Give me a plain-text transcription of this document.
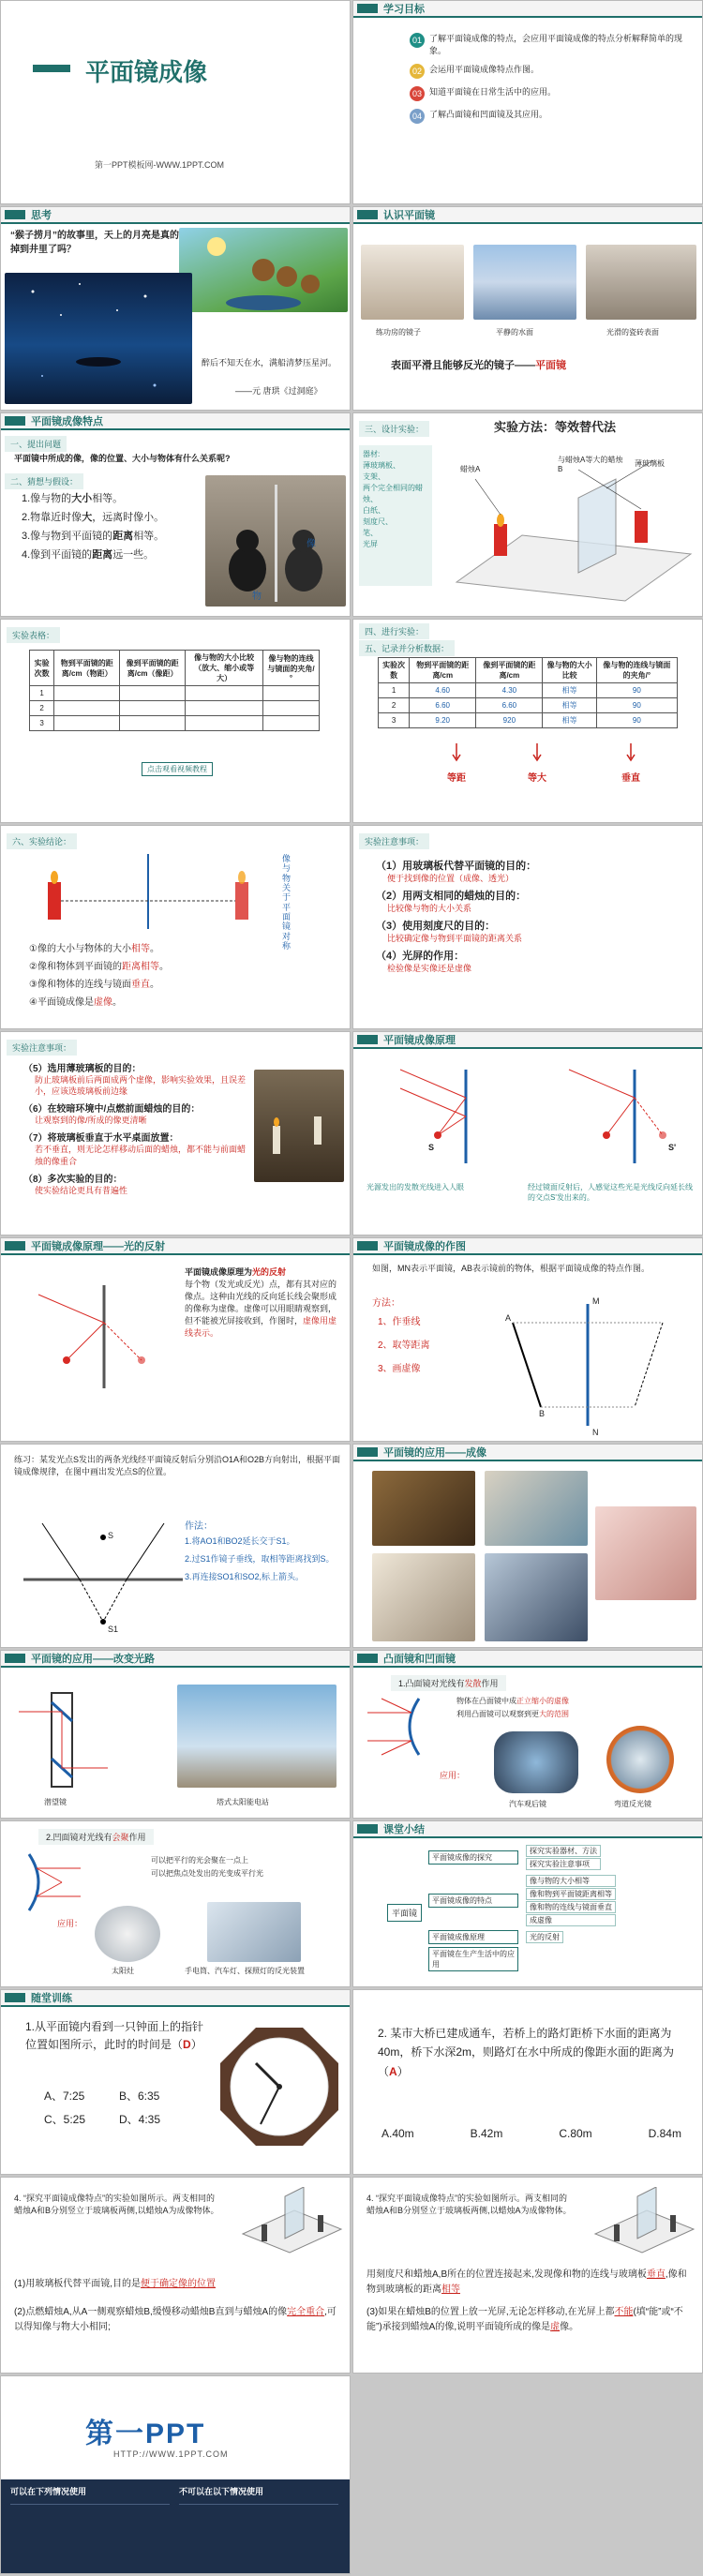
平面镜成像
第一PPT模板网-WWW.1PPT.COM
学习目标
01 了解平面镜成像的特点，会应用平面镜成像的特点分析解释简单的现象。
02 会运用平面镜成像特点作图。
03 知道平面镜在日常生活中的应用。
04 了解凸面镜和凹面镜及其应用。
思考
“猴子捞月”的故事里，天上的月亮是真的掉到井里了吗？
醉后不知天在水，满船清梦压星河。
——元 唐珙《过洞庭》
认识平面镜
练功房的镜子	平静的水面	光滑的瓷砖表面
表面平滑且能够反光的镜子——平面镜
平面镜成像特点
一、提出问题
平面镜中所成的像，像的位置、大小与物体有什么关系呢?
二、猜想与假设：
1.像与物的大小相等。
2.物靠近时像大，远离时像小。
3.像与物到平面镜的距离相等。
4.像到平面镜的距离远一些。
物
像
三、设计实验：	实验方法：等效替代法
器材:
薄玻璃板、
支架、
两个完全相同的蜡烛、
白纸、
刻度尺、
笔、
光屏
蜡烛A
与蜡烛A等大的蜡烛B
薄玻璃板
实验表格：
实验次数	物到平面镜的距离/cm（物距）	像到平面镜的距离/cm（像距）	像与物的大小比较（放大、缩小或等大）	像与物的连线与镜面的夹角/°
1				
2				
3				
点击观看视频教程
四、进行实验：
五、记录并分析数据：
实验次数	物到平面镜的距离/cm	像到平面镜的距离/cm	像与物的大小比较	像与物的连线与镜面的夹角/°
1	4.60	4.30	相等	90
2	6.60	6.60	相等	90
3	9.20	920	相等	90
等距	等大	垂直
六、实验结论：
像与物关于平面镜对称
①像的大小与物体的大小相等。
②像和物体到平面镜的距离相等。
③像和物体的连线与镜面垂直。
④平面镜成像是虚像。
实验注意事项：
（1）用玻璃板代替平面镜的目的：
便于找到像的位置（成像、透光）
（2）用两支相同的蜡烛的目的：
比较像与物的大小关系
（3）使用刻度尺的目的：
比较确定像与物到平面镜的距离关系
（4）光屏的作用：
检验像是实像还是虚像
实验注意事项：
（5）选用薄玻璃板的目的：
防止玻璃板前后两面成两个虚像，影响实验效果，且误差小，应该选玻璃板前边缘
（6）在较暗环境中/点燃前面蜡烛的目的：
让观察到的像/所成的像更清晰
（7）将玻璃板垂直于水平桌面放置：
若不垂直，则无论怎样移动后面的蜡烛，都不能与前面蜡烛的像重合
（8）多次实验的目的：
使实验结论更具有普遍性
平面镜成像原理
S	S'
光源发出的发散光线进入人眼	经过镜面反射后，人感觉这些光是光线反向延长线的交点S'发出来的。
平面镜成像原理——光的反射
平面镜成像原理为光的反射
每个物（发光或反光）点，都有其对应的像点。这种由光线的反向延长线会聚形成的像称为虚像。虚像可以用眼睛观察到，但不能被光屏接收到，作图时，虚像用虚线表示。
平面镜成像的作图
如图，MN表示平面镜，AB表示镜前的物体，根据平面镜成像的特点作图。
方法：
1、作垂线
2、取等距离
3、画虚像
A
B
M
N
练习：某发光点S发出的两条光线经平面镜反射后分别沿O1A和O2B方向射出，根据平面镜成像规律，在图中画出发光点S的位置。
S
S1
作法：
1.将AO1和BO2延长交于S1。
2.过S1作镜子垂线，取相等距离找到S。
3.再连接SO1和SO2,标上箭头。
平面镜的应用——成像
平面镜的应用——改变光路
潜望镜	塔式太阳能电站
凸面镜和凹面镜
1.凸面镜对光线有发散作用
物体在凸面镜中成正立缩小的虚像
利用凸面镜可以观察到更大的范围
应用：
汽车观后镜	弯道反光镜
2.凹面镜对光线有会聚作用
可以把平行的光会聚在一点上
可以把焦点处发出的光变成平行光
应用：
太阳灶	手电筒、汽车灯、探照灯的反光装置
课堂小结
平面镜
平面镜成像的探究
探究实验器材、方法
探究实验注意事项
平面镜成像的特点
像与物的大小相等
像和物到平面镜距离相等
像和物的连线与镜面垂直
成虚像
平面镜成像原理	光的反射
平面镜在生产生活中的应用
随堂训练
1.从平面镜内看到一只钟面上的指针位置如图所示，此时的时间是（D）
A、7:25	B、6:35
C、5:25	D、4:35
2. 某市大桥已建成通车，若桥上的路灯距桥下水面的距离为40m，桥下水深2m，则路灯在水中所成的像距水面的距离为（A）
A.40m	B.42m	C.80m	D.84m
4. “探究平面镜成像特点”的实验如图所示。两支相同的蜡烛A和B分别竖立于玻璃板两侧,以蜡烛A为成像物体。
(1)用玻璃板代替平面镜,目的是便于确定像的位置
(2)点燃蜡烛A,从A一侧观察蜡烛B,缓慢移动蜡烛B直到与蜡烛A的像完全重合,可以得知像与物大小相同;
4. “探究平面镜成像特点”的实验如图所示。两支相同的蜡烛A和B分别竖立于玻璃板两侧,以蜡烛A为成像物体。
用刻度尺和蜡烛A,B所在的位置连接起来,发现像和物的连线与玻璃板垂直,像和物到玻璃板的距离相等
(3)如果在蜡烛B的位置上放一光屏,无论怎样移动,在光屏上都不能(填“能”或“不能”)承接到蜡烛A的像,说明平面镜所成的像是虚像。
第一PPT
HTTP://WWW.1PPT.COM
可以在下列情况使用	不可以在以下情况使用
